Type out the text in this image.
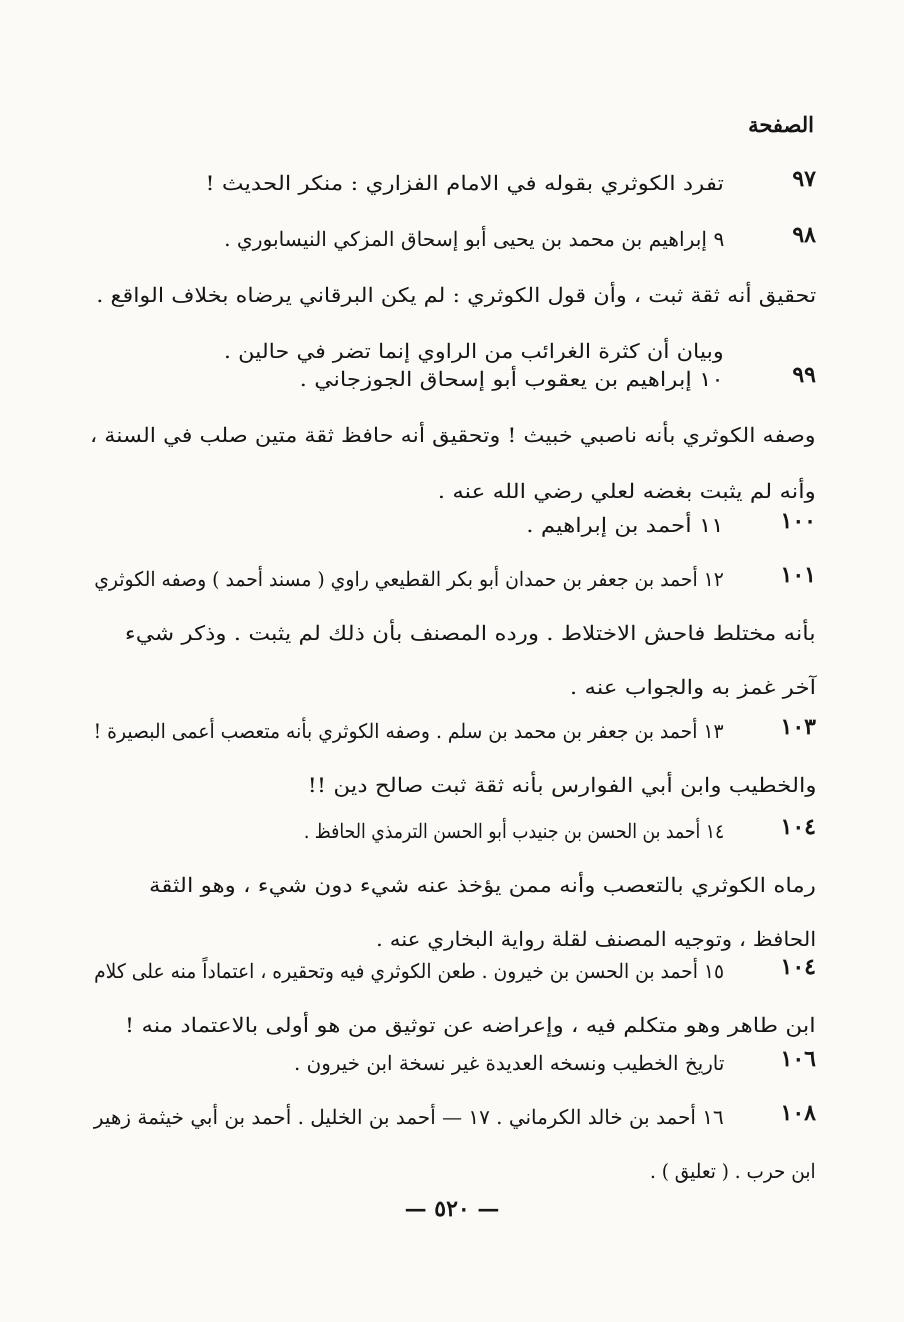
الصفحة
٩٧
تفرد الكوثري بقوله في الامام الفزاري : منكر الحديث !
٩٨
٩ إبراهيم بن محمد بن يحيى أبو إسحاق المزكي النيسابوري .
تحقيق أنه ثقة ثبت ، وأن قول الكوثري : لم يكن البرقاني يرضاه بخلاف الواقع .
وبيان أن كثرة الغرائب من الراوي إنما تضر في حالين .
٩٩
١٠ إبراهيم بن يعقوب أبو إسحاق الجوزجاني .
وصفه الكوثري بأنه ناصبي خبيث ! وتحقيق أنه حافظ ثقة متين صلب في السنة ،
وأنه لم يثبت بغضه لعلي رضي الله عنه .
١٠٠
١١ أحمد بن إبراهيم .
١٠١
١٢ أحمد بن جعفر بن حمدان أبو بكر القطيعي راوي ( مسند أحمد ) وصفه الكوثري
بأنه مختلط فاحش الاختلاط . ورده المصنف بأن ذلك لم يثبت . وذكر شيء
آخر غمز به والجواب عنه .
١٠٣
١٣ أحمد بن جعفر بن محمد بن سلم . وصفه الكوثري بأنه متعصب أعمى البصيرة !
والخطيب وابن أبي الفوارس بأنه ثقة ثبت صالح دين !!
١٠٤
١٤ أحمد بن الحسن بن جنيدب أبو الحسن الترمذي الحافظ .
رماه الكوثري بالتعصب وأنه ممن يؤخذ عنه شيء دون شيء ، وهو الثقة
الحافظ ، وتوجيه المصنف لقلة رواية البخاري عنه .
١٠٤
١٥ أحمد بن الحسن بن خيرون . طعن الكوثري فيه وتحقيره ، اعتماداً منه على كلام
ابن طاهر وهو متكلم فيه ، وإعراضه عن توثيق من هو أولى بالاعتماد منه !
١٠٦
تاريخ الخطيب ونسخه العديدة غير نسخة ابن خيرون .
١٠٨
١٦ أحمد بن خالد الكرماني . ١٧ — أحمد بن الخليل . أحمد بن أبي خيثمة زهير
ابن حرب . ( تعليق ) .
— ٥٢٠ —
